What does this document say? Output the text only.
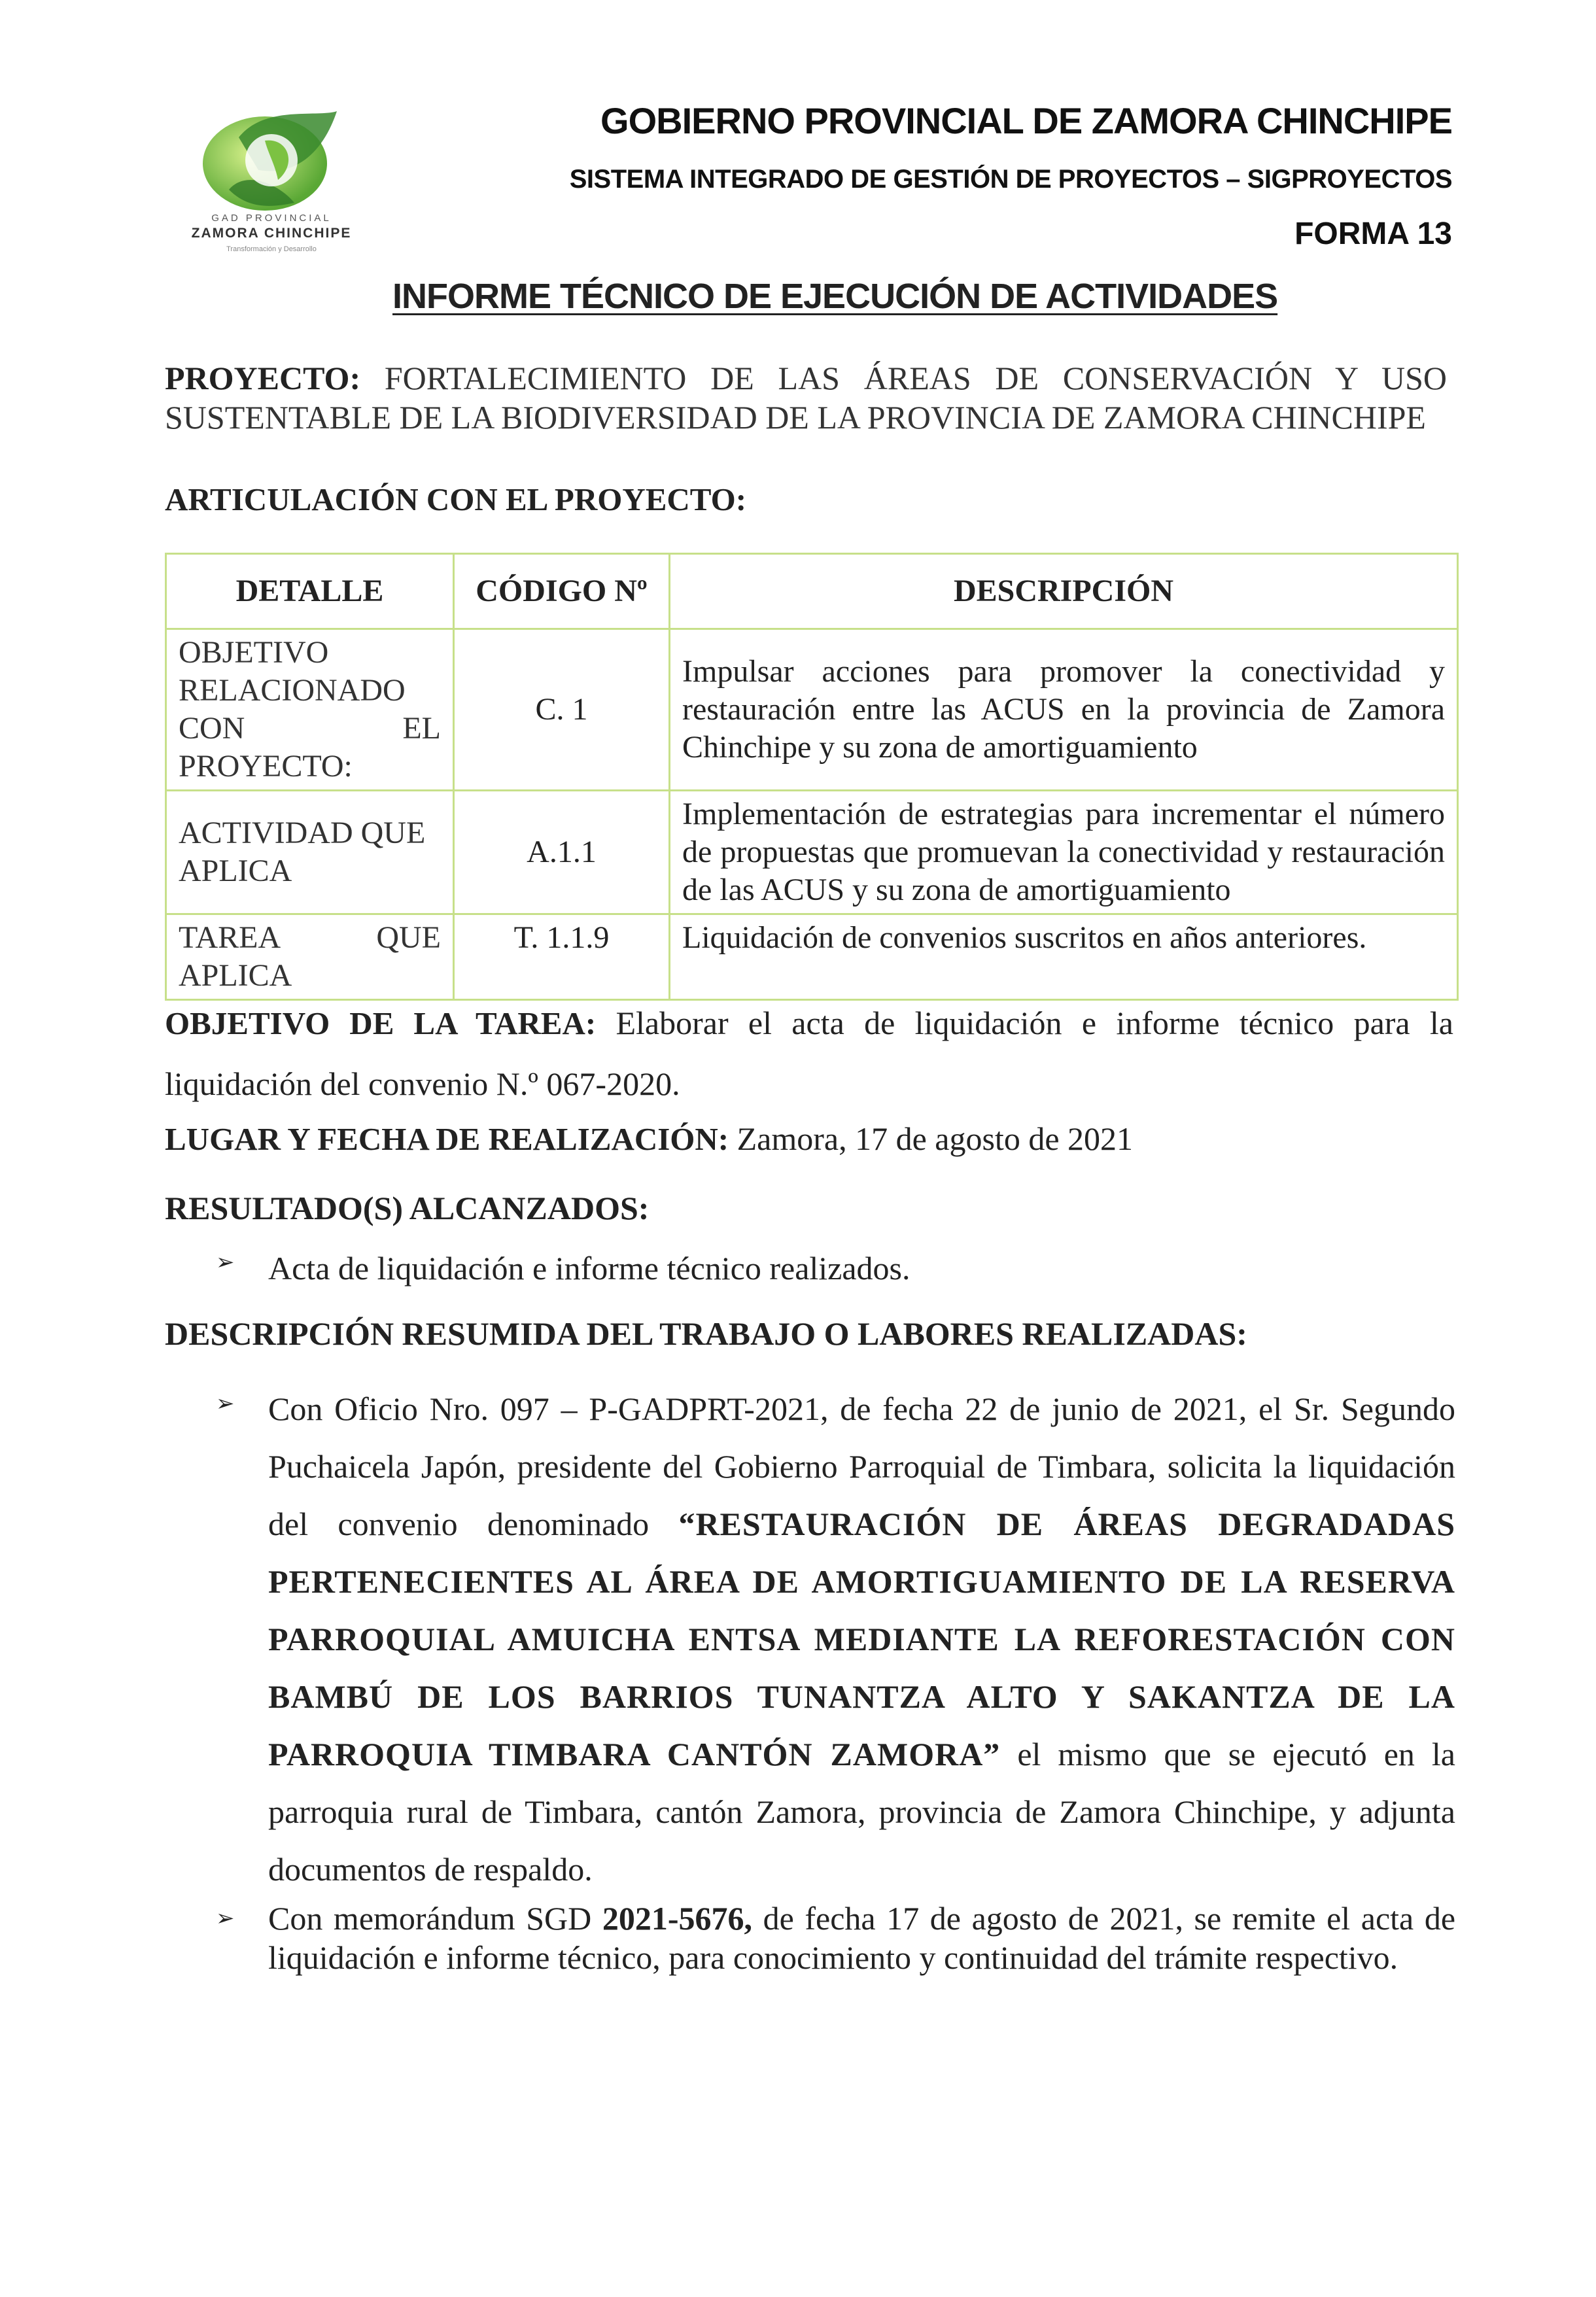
GAD PROVINCIAL
ZAMORA CHINCHIPE
Transformación y Desarrollo
GOBIERNO PROVINCIAL DE ZAMORA CHINCHIPE
SISTEMA INTEGRADO DE GESTIÓN DE PROYECTOS – SIGPROYECTOS
FORMA 13
INFORME TÉCNICO DE EJECUCIÓN DE ACTIVIDADES
PROYECTO: FORTALECIMIENTO DE LAS ÁREAS DE CONSERVACIÓN Y USO SUSTENTABLE DE LA BIODIVERSIDAD DE LA PROVINCIA DE ZAMORA CHINCHIPE
ARTICULACIÓN CON EL PROYECTO:
DETALLE	CÓDIGO Nº	DESCRIPCIÓN

OBJETIVO
RELACIONADO
CON EL
PROYECTO:	C. 1	Impulsar acciones para promover la conectividad y restauración entre las ACUS en la provincia de Zamora Chinchipe y su zona de amortiguamiento

ACTIVIDAD QUE
APLICA	A.1.1	Implementación de estrategias para incrementar el número de propuestas que promuevan la conectividad y restauración de las ACUS y su zona de amortiguamiento

TAREA QUE
APLICA	T. 1.1.9	Liquidación de convenios suscritos en años anteriores.
OBJETIVO DE LA TAREA: Elaborar el acta de liquidación e informe técnico para la liquidación del convenio N.º 067-2020.
LUGAR Y FECHA DE REALIZACIÓN: Zamora, 17 de agosto de 2021
RESULTADO(S) ALCANZADOS:
➢ Acta de liquidación e informe técnico realizados.
DESCRIPCIÓN RESUMIDA DEL TRABAJO O LABORES REALIZADAS:
➢ Con Oficio Nro. 097 – P-GADPRT-2021, de fecha 22 de junio de 2021, el Sr. Segundo Puchaicela Japón, presidente del Gobierno Parroquial de Timbara, solicita la liquidación del convenio denominado “RESTAURACIÓN DE ÁREAS DEGRADADAS PERTENECIENTES AL ÁREA DE AMORTIGUAMIENTO DE LA RESERVA PARROQUIAL AMUICHA ENTSA MEDIANTE LA REFORESTACIÓN CON BAMBÚ DE LOS BARRIOS TUNANTZA ALTO Y SAKANTZA DE LA PARROQUIA TIMBARA CANTÓN ZAMORA” el mismo que se ejecutó en la parroquia rural de Timbara, cantón Zamora, provincia de Zamora Chinchipe, y adjunta documentos de respaldo.
➢ Con memorándum SGD 2021-5676, de fecha 17 de agosto de 2021, se remite el acta de liquidación e informe técnico, para conocimiento y continuidad del trámite respectivo.
